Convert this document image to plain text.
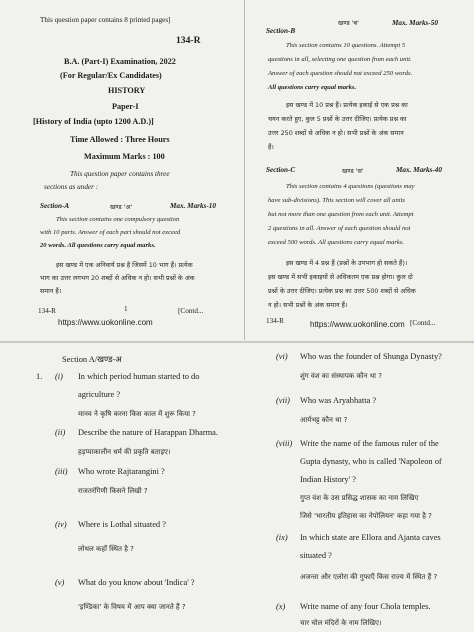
This question paper contains 8 printed pages]
134-R
B.A. (Part-I) Examination, 2022
(For Regular/Ex Candidates)
HISTORY
Paper-I
[History of India (upto 1200 A.D.)]
Time Allowed : Three Hours
Maximum Marks : 100
This question paper contains three
sections as under :
Section-A	खण्ड 'अ'	Max. Marks-10
This section contains one compulsory question
with 10 parts. Answer of each part should not exceed
20 words. All questions carry equal marks.
इस खण्ड में एक अनिवार्य प्रश्न है जिसमें 10 भाग हैं। प्रत्येक
भाग का उत्तर लगभग 20 शब्दों से अधिक न हो। सभी प्रश्नों के अंक
समान हैं।
134-R	1	[Contd...
https://www.uokonline.com
Section-B
खण्ड 'ब'	Max. Marks-50
This section contains 10 questions. Attempt 5
questions in all, selecting one question from each unit.
Answer of each question should not exceed 250 words.
All questions carry equal marks.
इस खण्ड में 10 प्रश्न हैं। प्रत्येक इकाई से एक प्रश्न का
चयन करते हुए, कुल 5 प्रश्नों के उत्तर दीजिए। प्रत्येक प्रश्न का
उत्तर 250 शब्दों से अधिक न हो। सभी प्रश्नों के अंक समान
हैं।
Section-C	खण्ड 'स'	Max. Marks-40
This section contains 4 questions (questions may
have sub-divisions). This section will cover all units
but not more than one question from each unit. Attempt
2 questions in all. Answer of each question should not
exceed 500 words. All questions carry equal marks.
इस खण्ड में 4 प्रश्न हैं (प्रश्नों के उपभाग हो सकते हैं)।
इस खण्ड में सभी इकाइयों से अधिकतम एक प्रश्न होगा। कुल दो
प्रश्नों के उत्तर दीजिए। प्रत्येक प्रश्न का उत्तर 500 शब्दों से अधिक
न हो। सभी प्रश्नों के अंक समान हैं।
134-R	https://www.uokonline.com [Contd...
Section A/खण्ड-अ
1. (i) In which period human started to do
agriculture ?
मानव ने कृषि करना किस काल में शुरू किया ?
(ii) Describe the nature of Harappan Dharma.
हड़प्पाकालीन धर्म की प्रकृति बताइए।
(iii) Who wrote Rajtarangini ?
राजतरंगिणी किसने लिखी ?
(iv) Where is Lothal situated ?
लोथल कहाँ स्थित है ?
(v) What do you know about 'Indica' ?
'इण्डिका' के विषय में आप क्या जानते हैं ?
(vi) Who was the founder of Shunga Dynasty?
शुंग वंश का संस्थापक कौन था ?
(vii) Who was Aryabhatta ?
आर्यभट्ट कौन था ?
(viii) Write the name of the famous ruler of the
Gupta dynasty, who is called 'Napoleon of
Indian History' ?
गुप्त वंश के उस प्रसिद्ध शासक का नाम लिखिए
जिसे 'भारतीय इतिहास का नेपोलियन' कहा गया है ?
(ix) In which state are Ellora and Ajanta caves
situated ?
अजन्ता और एलोरा की गुफाएँ किस राज्य में स्थित हैं ?
(x) Write name of any four Chola temples.
चार चोल मंदिरों के नाम लिखिए।
